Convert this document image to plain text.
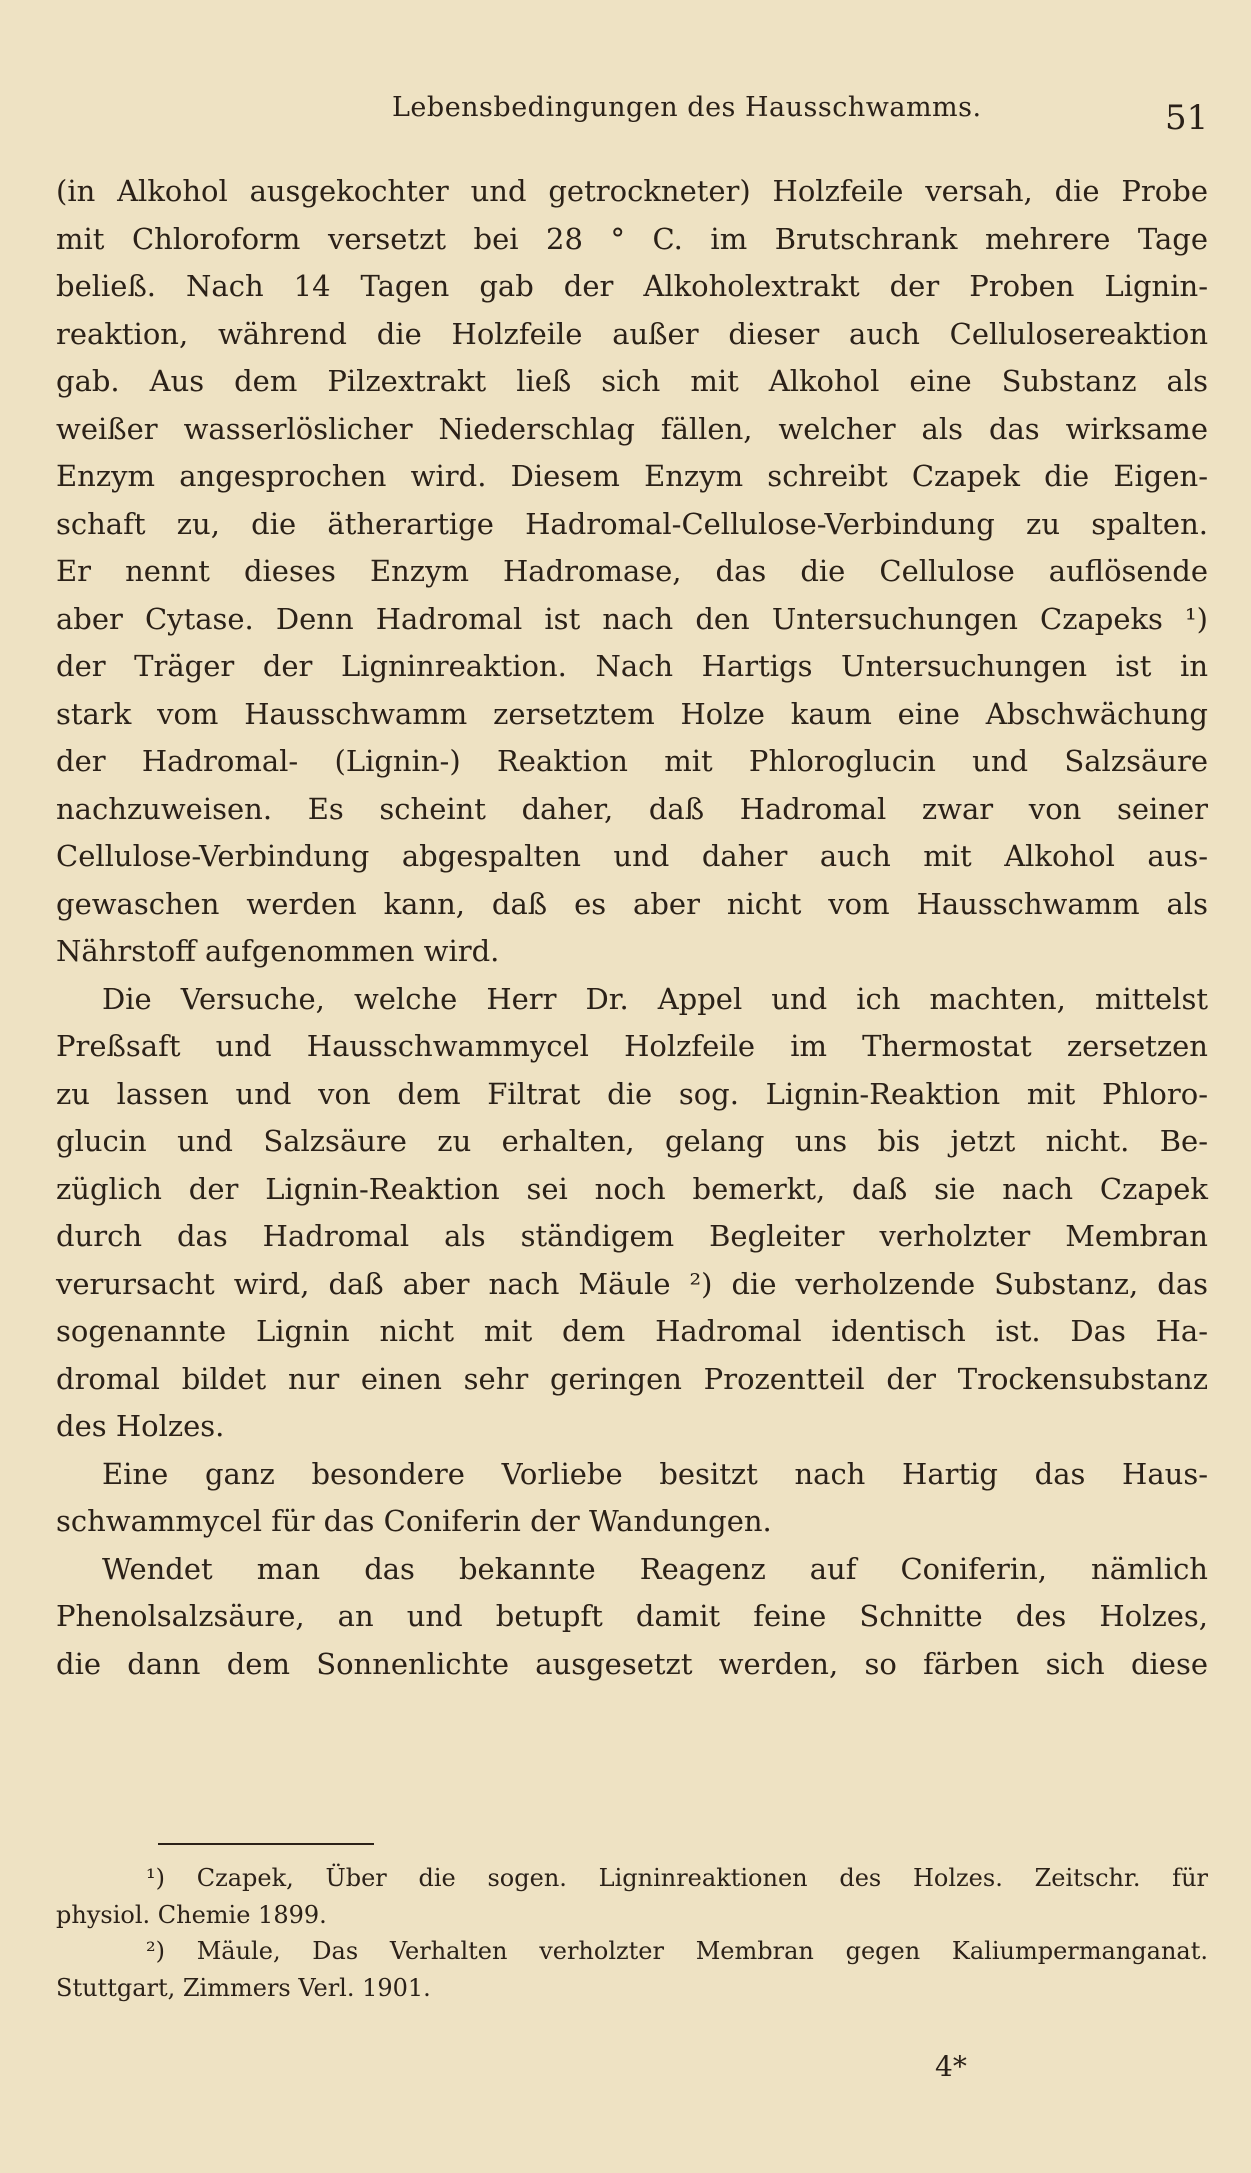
Lebensbedingungen des Hausschwamms.	51
(in Alkohol ausgekochter und getrockneter) Holzfeile versah, die Probe
mit Chloroform versetzt bei 28 ° C. im Brutschrank mehrere Tage
beließ. Nach 14 Tagen gab der Alkoholextrakt der Proben Lignin-
reaktion, während die Holzfeile außer dieser auch Cellulosereaktion
gab. Aus dem Pilzextrakt ließ sich mit Alkohol eine Substanz als
weißer wasserlöslicher Niederschlag fällen, welcher als das wirksame
Enzym angesprochen wird. Diesem Enzym schreibt Czapek die Eigen-
schaft zu, die ätherartige Hadromal-Cellulose-Verbindung zu spalten.
Er nennt dieses Enzym Hadromase, das die Cellulose auflösende
aber Cytase. Denn Hadromal ist nach den Untersuchungen Czapeks ¹)
der Träger der Ligninreaktion. Nach Hartigs Untersuchungen ist in
stark vom Hausschwamm zersetztem Holze kaum eine Abschwächung
der Hadromal- (Lignin-) Reaktion mit Phloroglucin und Salzsäure
nachzuweisen. Es scheint daher, daß Hadromal zwar von seiner
Cellulose-Verbindung abgespalten und daher auch mit Alkohol aus-
gewaschen werden kann, daß es aber nicht vom Hausschwamm als
Nährstoff aufgenommen wird.
Die Versuche, welche Herr Dr. Appel und ich machten, mittelst
Preßsaft und Hausschwammycel Holzfeile im Thermostat zersetzen
zu lassen und von dem Filtrat die sog. Lignin-Reaktion mit Phloro-
glucin und Salzsäure zu erhalten, gelang uns bis jetzt nicht. Be-
züglich der Lignin-Reaktion sei noch bemerkt, daß sie nach Czapek
durch das Hadromal als ständigem Begleiter verholzter Membran
verursacht wird, daß aber nach Mäule ²) die verholzende Substanz, das
sogenannte Lignin nicht mit dem Hadromal identisch ist. Das Ha-
dromal bildet nur einen sehr geringen Prozentteil der Trockensubstanz
des Holzes.
Eine ganz besondere Vorliebe besitzt nach Hartig das Haus-
schwammycel für das Coniferin der Wandungen.
Wendet man das bekannte Reagenz auf Coniferin, nämlich
Phenolsalzsäure, an und betupft damit feine Schnitte des Holzes,
die dann dem Sonnenlichte ausgesetzt werden, so färben sich diese
¹) Czapek, Über die sogen. Ligninreaktionen des Holzes. Zeitschr. für
physiol. Chemie 1899.
²) Mäule, Das Verhalten verholzter Membran gegen Kaliumpermanganat.
Stuttgart, Zimmers Verl. 1901.
4*
